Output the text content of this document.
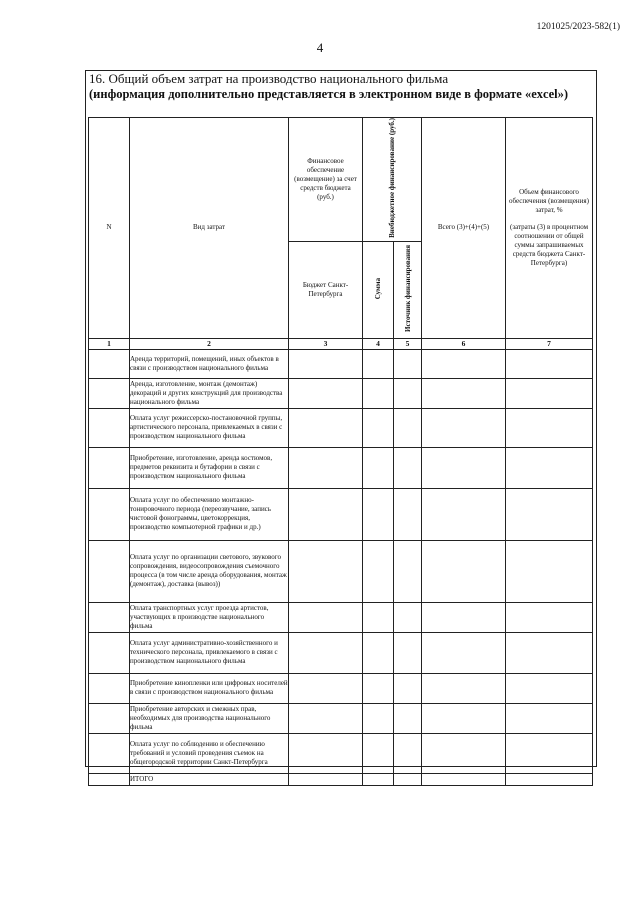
1201025/2023-582(1)
4
16. Общий объем затрат на производство национального фильма
(информация дополнительно представляется в электронном виде в формате «excel»)
N	Вид затрат	Финансовое обеспечение (возмещение) за счет средств бюджета (руб.)	Внебюджетное финансирование (руб.)		Всего (3)+(4)+(5)	Объем финансового обеспечения (возмещения) затрат, %
(затраты (3) в процентном соотношении от общей суммы запрашиваемых средств бюджета Санкт-Петербурга)

		Бюджет Санкт-Петербурга	Сумма	Источник финансирования		
1	2	3	4	5	6	7
	Аренда территорий, помещений, иных объектов в связи с производством национального фильма					
	Аренда, изготовление, монтаж (демонтаж) декораций и других конструкций для производства национального фильма					
	Оплата услуг режиссерско-постановочной группы, артистического персонала, привлекаемых в связи с производством национального фильма					
	Приобретение, изготовление, аренда костюмов, предметов реквизита и бутафории в связи с производством национального фильма					
	Оплата услуг по обеспечению монтажно-тонировочного периода (переозвучание, запись чистовой фонограммы, цветокоррекция, производство компьютерной графики и др.)					
	Оплата услуг по организации светового, звукового сопровождения, видеосопровождения съемочного процесса (в том числе аренда оборудования, монтаж (демонтаж), доставка (вывоз))					
	Оплата транспортных услуг проезда артистов, участвующих в производстве национального фильма					
	Оплата услуг административно-хозяйственного и технического персонала, привлекаемого в связи с производством национального фильма					
	Приобретение кинопленки или цифровых носителей в связи с производством национального фильма					
	Приобретение авторских и смежных прав, необходимых для производства национального фильма					
	Оплата услуг по соблюдению и обеспечению требований и условий проведения съемок на общегородской территории Санкт-Петербурга					
	ИТОГО					
